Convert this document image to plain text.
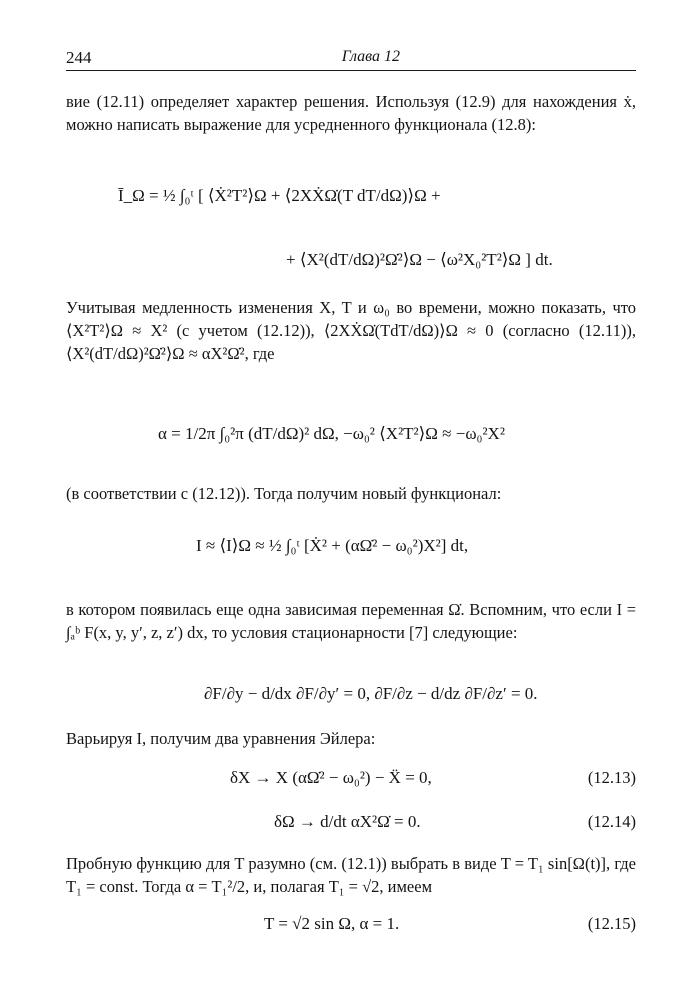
244	Глава 12
вие (12.11) определяет характер решения. Используя (12.9) для нахождения ẋ, можно написать выражение для усредненного функционала (12.8):
Ī_Ω = ½ ∫₀ᵗ [ ⟨Ẋ²T²⟩Ω + ⟨2XẊΩ̇(T dT/dΩ)⟩Ω +
+ ⟨X²(dT/dΩ)²Ω̇²⟩Ω − ⟨ω²X₀²T²⟩Ω ] dt.
Учитывая медленность изменения X, T и ω₀ во времени, можно показать, что ⟨X²T²⟩Ω ≈ X² (с учетом (12.12)), ⟨2XẊΩ̇(TdT/dΩ)⟩Ω ≈ 0 (согласно (12.11)), ⟨X²(dT/dΩ)²Ω̇²⟩Ω ≈ αX²Ω̇², где
α = 1/2π ∫₀²π (dT/dΩ)² dΩ, −ω₀² ⟨X²T²⟩Ω ≈ −ω₀²X²
(в соответствии с (12.12)). Тогда получим новый функционал:
I ≈ ⟨I⟩Ω ≈ ½ ∫₀ᵗ [Ẋ² + (αΩ̇² − ω₀²)X²] dt,
в котором появилась еще одна зависимая переменная Ω̇. Вспомним, что если I = ∫ₐᵇ F(x, y, y′, z, z′) dx, то условия стационарности [7] следующие:
∂F/∂y − d/dx ∂F/∂y′ = 0, ∂F/∂z − d/dz ∂F/∂z′ = 0.
Варьируя I, получим два уравнения Эйлера:
δX → X (αΩ̇² − ω₀²) − Ẍ = 0,	(12.13)
δΩ → d/dt αX²Ω̇ = 0.	(12.14)
Пробную функцию для T разумно (см. (12.1)) выбрать в виде T = T₁ sin[Ω(t)], где T₁ = const. Тогда α = T₁²/2, и, полагая T₁ = √2, имеем
T = √2 sin Ω, α = 1.	(12.15)
